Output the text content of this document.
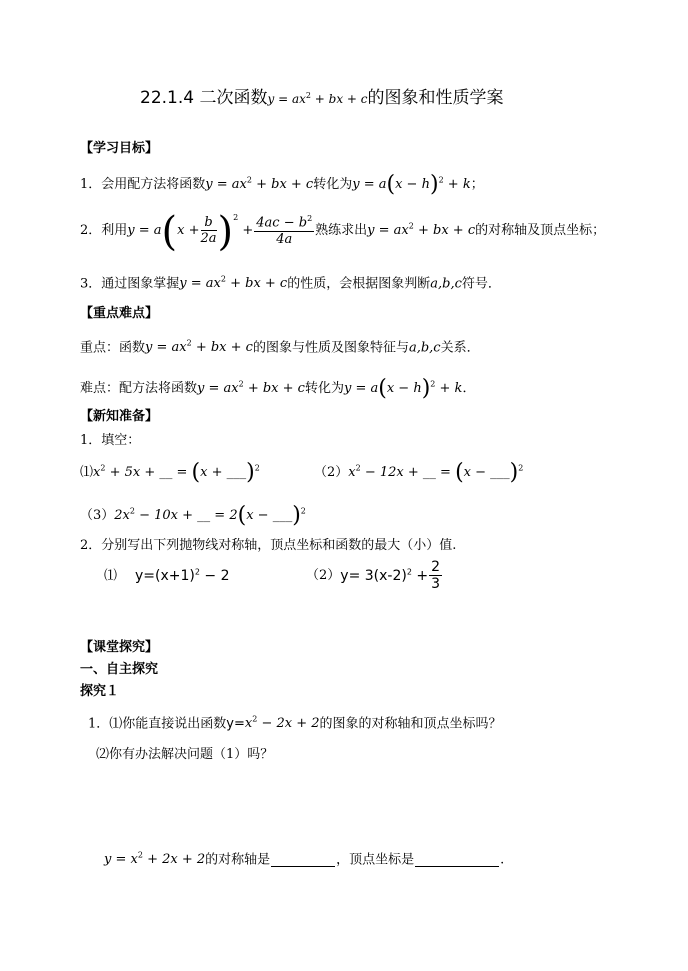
22.1.4 二次函数$y = ax^2$ + bx + c的图象和性质学案
【学习目标】
1．会用配方法将函数$y = ax^2$ + bx + c转化为$y = a(x - h)^2 + k$；
2．利用$y = a(x + \frac{b}{2a} )^2 + \frac{4ac - b^2}{4a}$ 熟练求出$y = ax^2$ + bx + c的对称轴及顶点坐标；
3．通过图象掌握$y = ax^2$ + bx + c的性质，会根据图象判断a,b,c符号．
【重点难点】
重点：函数$y = ax^2$ + bx + c的图象与性质及图象特征与a,b,c关系．
难点：配方法将函数$y = ax^2$ + bx + c转化为$y = a(x - h)^2 + k$．
【新知准备】
1．填空：
$⑴x^2 + 5x$ + __ = (x + ___)$^2$	$(2)x^2 - 12x$ + __ = (x − ___)$^2$
$(3)2x^2 - 10x$ + __ = 2(x − ___)$^2$
2．分别写出下列抛物线对称轴，顶点坐标和函数的最大（小）值.
⑴ $y=(x+1)^2 - 2$	$(2)y= 3(x-2)^2 + \frac{2}{3}$
【课堂探究】
一、自主探究
探究１
1．⑴你能直接说出函数$y=x^2 - 2x + 2$的图象的对称轴和顶点坐标吗？
⑵你有办法解决问题（1）吗？
$y = x^2 + 2x + 2$的对称轴是	，顶点坐标是	.
